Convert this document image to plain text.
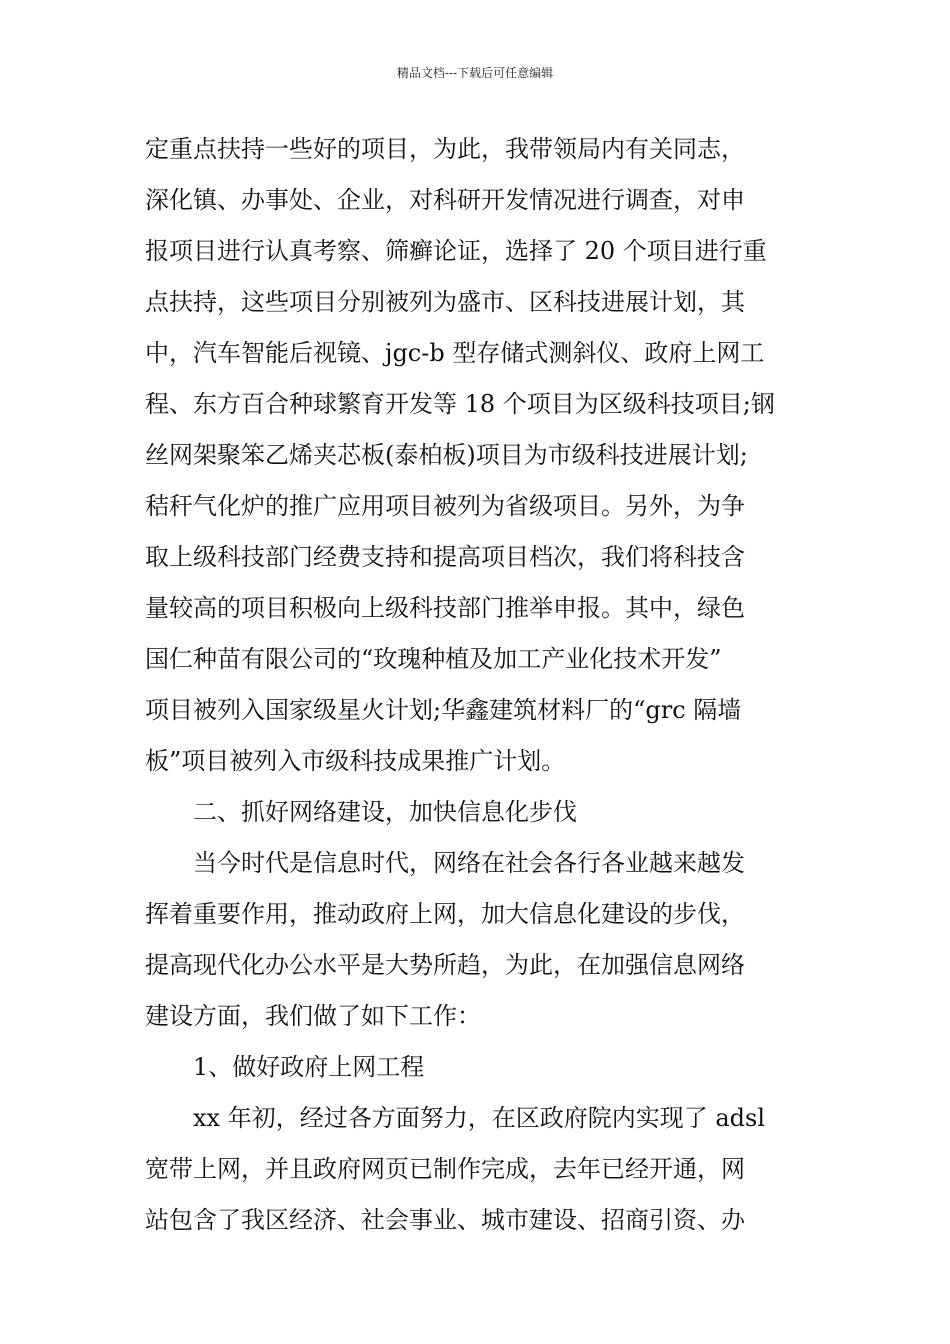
精品文档---下载后可任意编辑
定重点扶持一些好的项目，为此，我带领局内有关同志，
深化镇、办事处、企业，对科研开发情况进行调查，对申
报项目进行认真考察、筛癣论证，选择了 20 个项目进行重
点扶持，这些项目分别被列为盛市、区科技进展计划，其
中，汽车智能后视镜、jgc-b 型存储式测斜仪、政府上网工
程、东方百合种球繁育开发等 18 个项目为区级科技项目;钢
丝网架聚笨乙烯夹芯板(泰柏板)项目为市级科技进展计划;
秸秆气化炉的推广应用项目被列为省级项目。另外，为争
取上级科技部门经费支持和提高项目档次，我们将科技含
量较高的项目积极向上级科技部门推举申报。其中，绿色
国仁种苗有限公司的“玫瑰种植及加工产业化技术开发”
项目被列入国家级星火计划;华鑫建筑材料厂的“grc 隔墙
板”项目被列入市级科技成果推广计划。
二、抓好网络建设，加快信息化步伐
当今时代是信息时代，网络在社会各行各业越来越发
挥着重要作用，推动政府上网，加大信息化建设的步伐，
提高现代化办公水平是大势所趋，为此，在加强信息网络
建设方面，我们做了如下工作：
1、做好政府上网工程
xx 年初，经过各方面努力，在区政府院内实现了 adsl
宽带上网，并且政府网页已制作完成，去年已经开通，网
站包含了我区经济、社会事业、城市建设、招商引资、办
